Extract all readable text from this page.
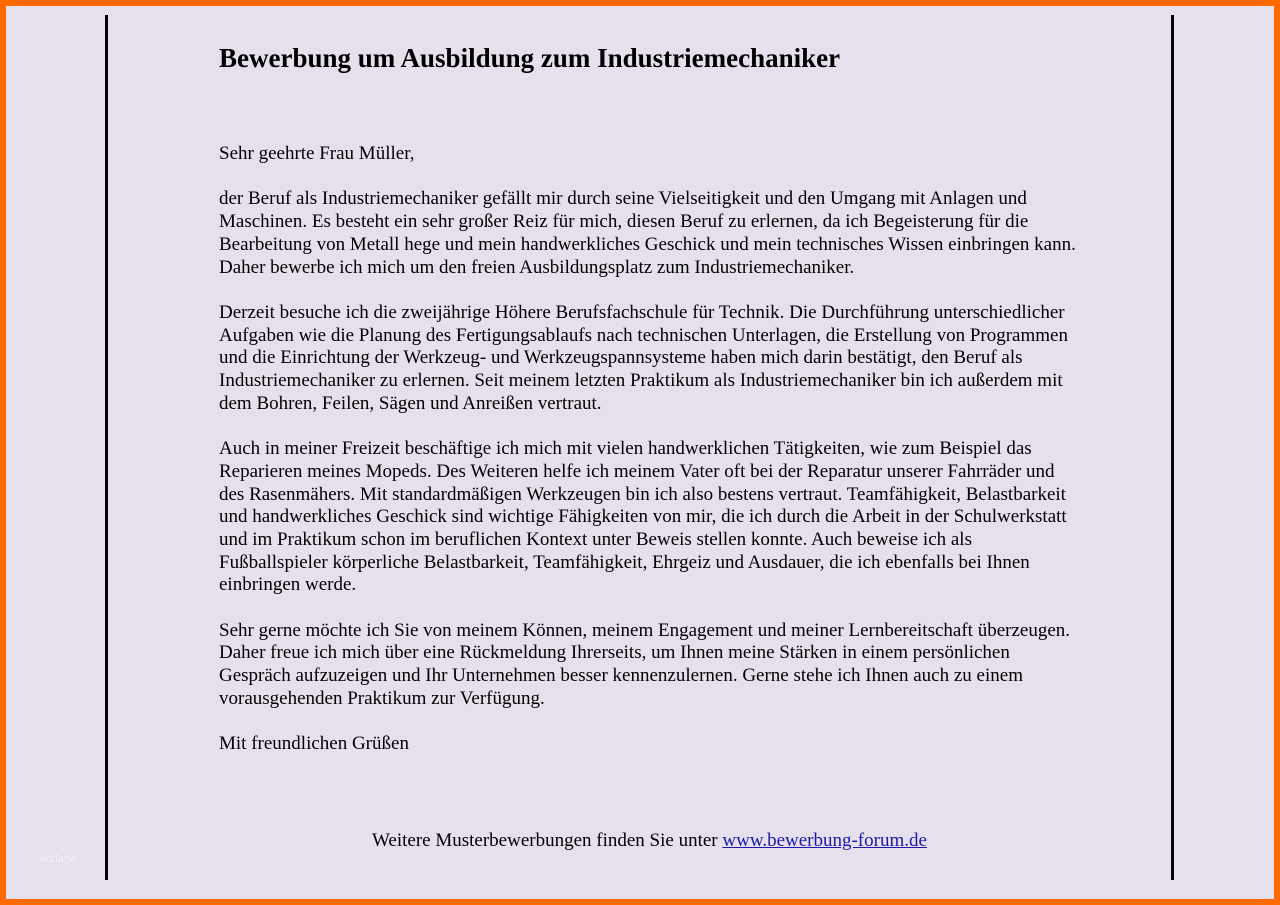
Bewerbung um Ausbildung zum Industriemechaniker

Sehr geehrte Frau Müller,

der Beruf als Industriemechaniker gefällt mir durch seine Vielseitigkeit und den Umgang mit Anlagen und Maschinen. Es besteht ein sehr großer Reiz für mich, diesen Beruf zu erlernen, da ich Begeisterung für die Bearbeitung von Metall hege und mein handwerkliches Geschick und mein technisches Wissen einbringen kann. Daher bewerbe ich mich um den freien Ausbildungsplatz zum Industriemechaniker.

Derzeit besuche ich die zweijährige Höhere Berufsfachschule für Technik. Die Durchführung unterschiedlicher Aufgaben wie die Planung des Fertigungsablaufs nach technischen Unterlagen, die Erstellung von Programmen und die Einrichtung der Werkzeug- und Werkzeugspannsysteme haben mich darin bestätigt, den Beruf als Industriemechaniker zu erlernen. Seit meinem letzten Praktikum als Industriemechaniker bin ich außerdem mit dem Bohren, Feilen, Sägen und Anreißen vertraut.

Auch in meiner Freizeit beschäftige ich mich mit vielen handwerklichen Tätigkeiten, wie zum Beispiel das Reparieren meines Mopeds. Des Weiteren helfe ich meinem Vater oft bei der Reparatur unserer Fahrräder und des Rasenmähers. Mit standardmäßigen Werkzeugen bin ich also bestens vertraut. Teamfähigkeit, Belastbarkeit und handwerkliches Geschick sind wichtige Fähigkeiten von mir, die ich durch die Arbeit in der Schulwerkstatt und im Praktikum schon im beruflichen Kontext unter Beweis stellen konnte. Auch beweise ich als Fußballspieler körperliche Belastbarkeit, Teamfähigkeit, Ehrgeiz und Ausdauer, die ich ebenfalls bei Ihnen einbringen werde.

Sehr gerne möchte ich Sie von meinem Können, meinem Engagement und meiner Lernbereitschaft überzeugen. Daher freue ich mich über eine Rückmeldung Ihrerseits, um Ihnen meine Stärken in einem persönlichen Gespräch aufzuzeigen und Ihr Unternehmen besser kennenzulernen. Gerne stehe ich Ihnen auch zu einem vorausgehenden Praktikum zur Verfügung.

Mit freundlichen Grüßen

Weitere Musterbewerbungen finden Sie unter www.bewerbung-forum.de
vorlage
